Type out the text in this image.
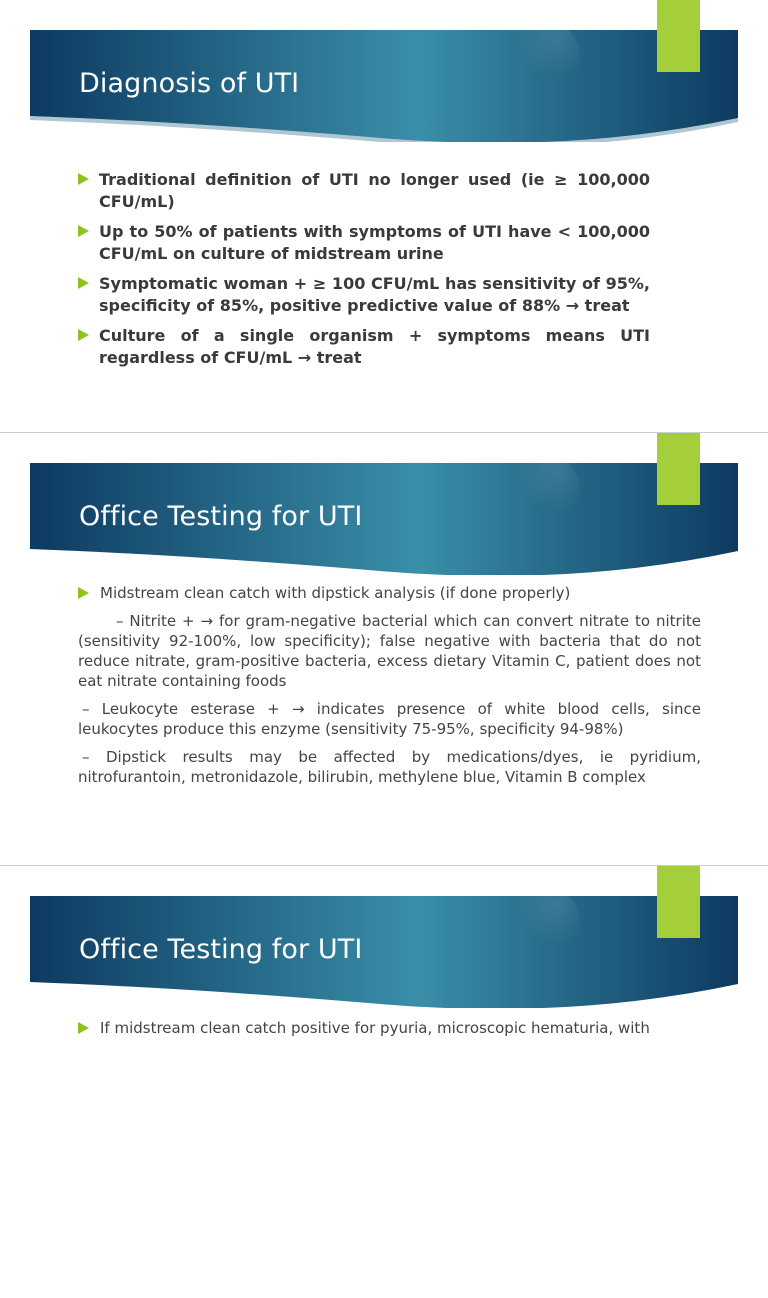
Diagnosis of UTI
Traditional definition of UTI no longer used (ie ≥ 100,000 CFU/mL)
Up to 50% of patients with symptoms of UTI have < 100,000 CFU/mL on culture of midstream urine
Symptomatic woman + ≥ 100 CFU/mL has sensitivity of 95%, specificity of 85%, positive predictive value of 88% → treat
Culture of a single organism + symptoms means UTI regardless of CFU/mL → treat
Office Testing for UTI
Midstream clean catch with dipstick analysis (if done properly)

– Nitrite + → for gram-negative bacterial which can convert nitrate to nitrite (sensitivity 92-100%, low specificity); false negative with bacteria that do not reduce nitrate, gram-positive bacteria, excess dietary Vitamin C, patient does not eat nitrate containing foods

– Leukocyte esterase + → indicates presence of white blood cells, since leukocytes produce this enzyme (sensitivity 75-95%, specificity 94-98%)

– Dipstick results may be affected by medications/dyes, ie pyridium, nitrofurantoin, metronidazole, bilirubin, methylene blue, Vitamin B complex

Office Testing for UTI
If midstream clean catch positive for pyuria, microscopic hematuria, with
